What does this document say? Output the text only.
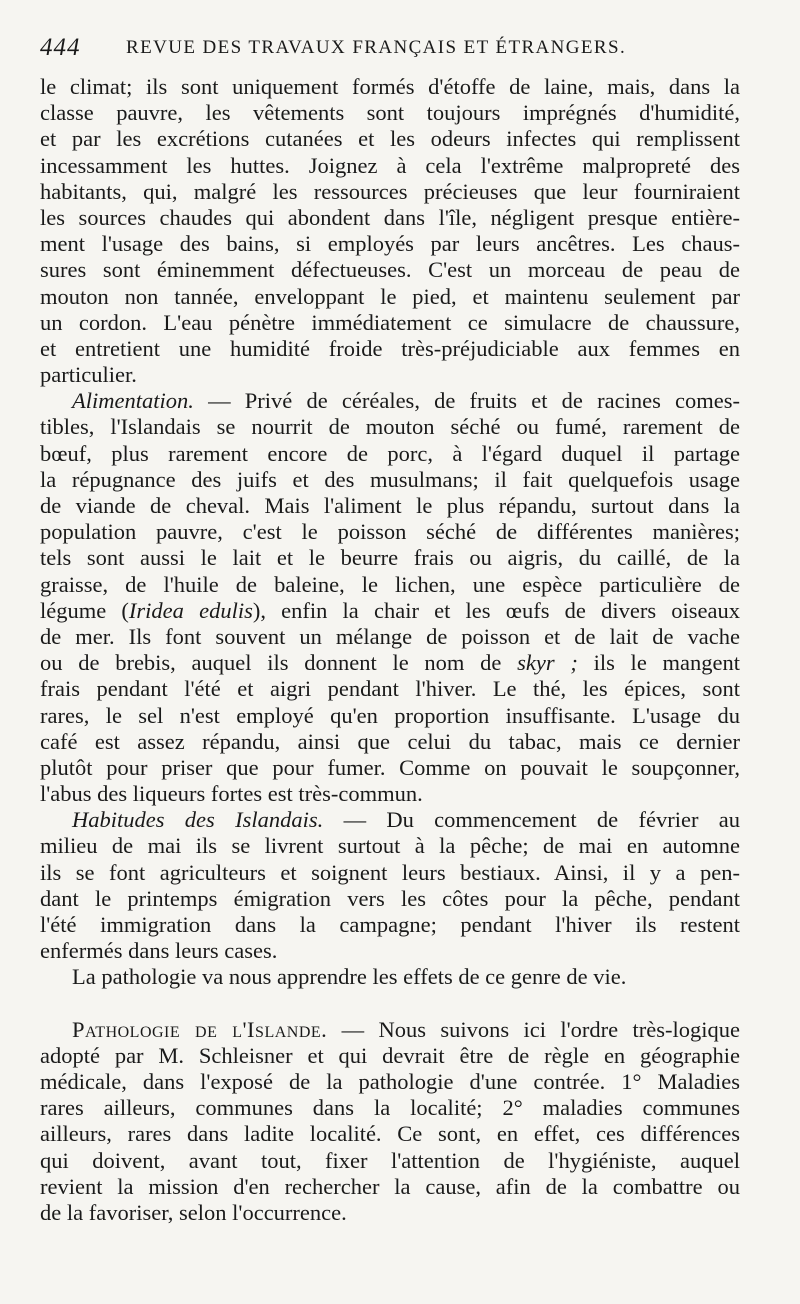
444 REVUE DES TRAVAUX FRANÇAIS ET ÉTRANGERS.
le climat; ils sont uniquement formés d'étoffe de laine, mais, dans la
classe pauvre, les vêtements sont toujours imprégnés d'humidité,
et par les excrétions cutanées et les odeurs infectes qui remplissent
incessamment les huttes. Joignez à cela l'extrême malpropreté des
habitants, qui, malgré les ressources précieuses que leur fourniraient
les sources chaudes qui abondent dans l'île, négligent presque entière-
ment l'usage des bains, si employés par leurs ancêtres. Les chaus-
sures sont éminemment défectueuses. C'est un morceau de peau de
mouton non tannée, enveloppant le pied, et maintenu seulement par
un cordon. L'eau pénètre immédiatement ce simulacre de chaussure,
et entretient une humidité froide très-préjudiciable aux femmes en
particulier.
Alimentation. — Privé de céréales, de fruits et de racines comes-
tibles, l'Islandais se nourrit de mouton séché ou fumé, rarement de
bœuf, plus rarement encore de porc, à l'égard duquel il partage
la répugnance des juifs et des musulmans; il fait quelquefois usage
de viande de cheval. Mais l'aliment le plus répandu, surtout dans la
population pauvre, c'est le poisson séché de différentes manières;
tels sont aussi le lait et le beurre frais ou aigris, du caillé, de la
graisse, de l'huile de baleine, le lichen, une espèce particulière de
légume (Iridea edulis), enfin la chair et les œufs de divers oiseaux
de mer. Ils font souvent un mélange de poisson et de lait de vache
ou de brebis, auquel ils donnent le nom de skyr ; ils le mangent
frais pendant l'été et aigri pendant l'hiver. Le thé, les épices, sont
rares, le sel n'est employé qu'en proportion insuffisante. L'usage du
café est assez répandu, ainsi que celui du tabac, mais ce dernier
plutôt pour priser que pour fumer. Comme on pouvait le soupçonner,
l'abus des liqueurs fortes est très-commun.
Habitudes des Islandais. — Du commencement de février au
milieu de mai ils se livrent surtout à la pêche; de mai en automne
ils se font agriculteurs et soignent leurs bestiaux. Ainsi, il y a pen-
dant le printemps émigration vers les côtes pour la pêche, pendant
l'été immigration dans la campagne; pendant l'hiver ils restent
enfermés dans leurs cases.
La pathologie va nous apprendre les effets de ce genre de vie.
Pathologie de l'Islande. — Nous suivons ici l'ordre très-logique
adopté par M. Schleisner et qui devrait être de règle en géographie
médicale, dans l'exposé de la pathologie d'une contrée. 1° Maladies
rares ailleurs, communes dans la localité; 2° maladies communes
ailleurs, rares dans ladite localité. Ce sont, en effet, ces différences
qui doivent, avant tout, fixer l'attention de l'hygiéniste, auquel
revient la mission d'en rechercher la cause, afin de la combattre ou
de la favoriser, selon l'occurrence.
